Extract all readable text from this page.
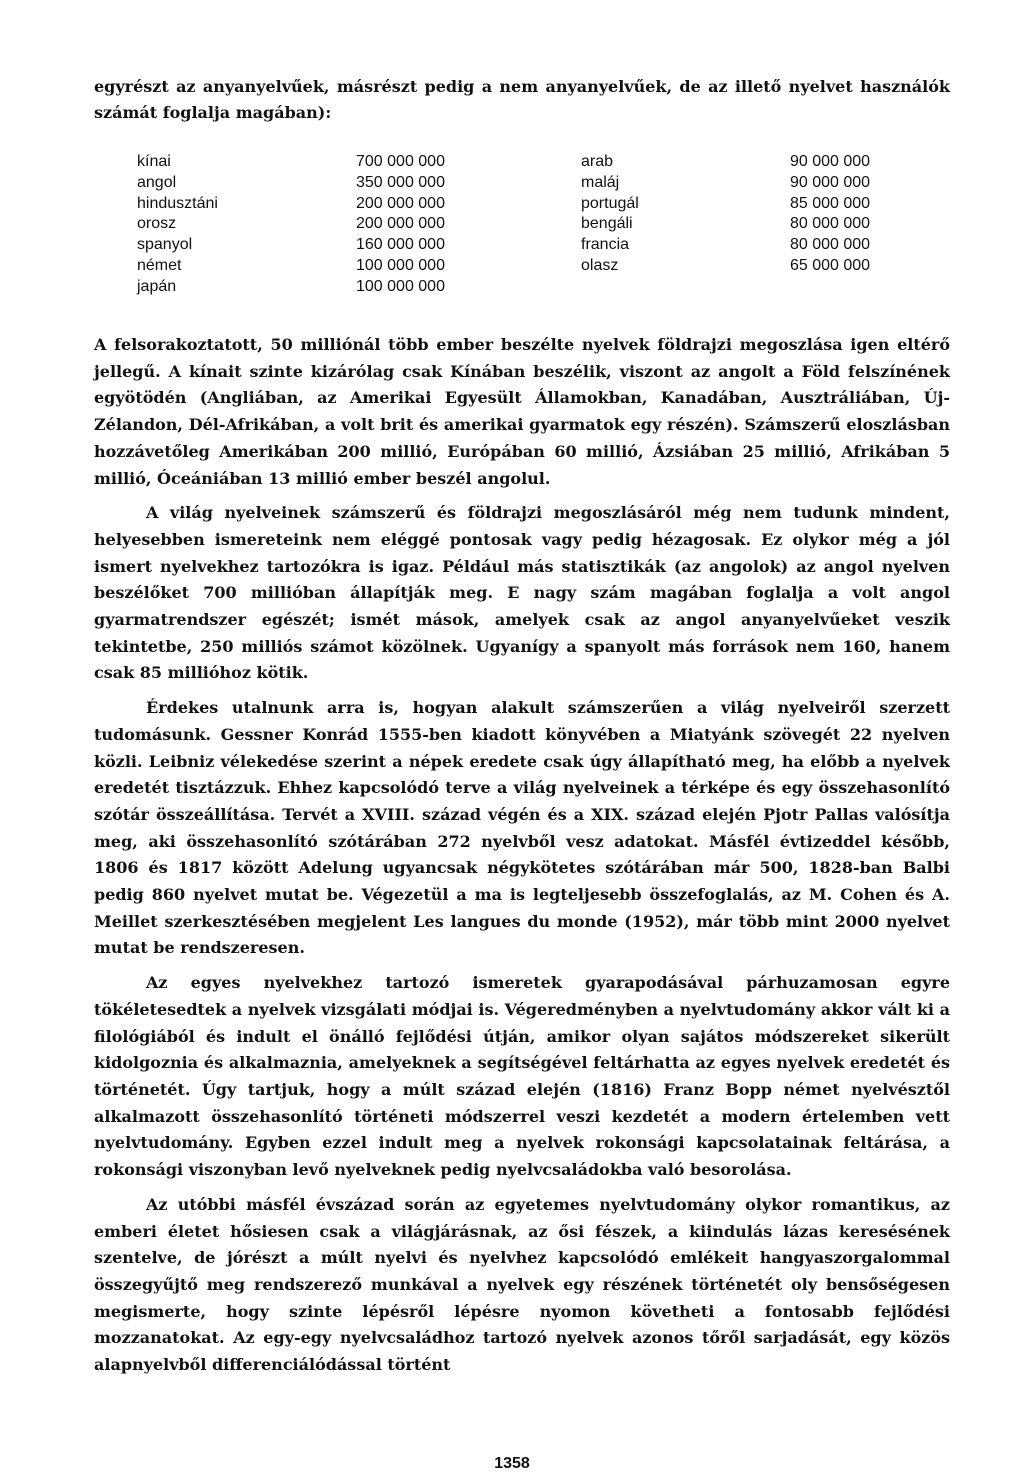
egyrészt az anyanyelvűek, másrészt pedig a nem anyanyelvűek, de az illető nyelvet használók számát foglalja magában):

kínai
angol
hindusztáni
orosz
spanyol
német
japán
700 000 000
350 000 000
200 000 000
200 000 000
160 000 000
100 000 000
100 000 000
arab
maláj
portugál
bengáli
francia
olasz
90 000 000
90 000 000
85 000 000
80 000 000
80 000 000
65 000 000

A felsorakoztatott, 50 milliónál több ember beszélte nyelvek földrajzi megoszlása igen eltérő jellegű. A kínait szinte kizárólag csak Kínában beszélik, viszont az angolt a Föld felszínének egyötödén (Angliában, az Amerikai Egyesült Államokban, Kanadában, Ausztráliában, Új-Zélandon, Dél-Afrikában, a volt brit és amerikai gyarmatok egy részén). Számszerű eloszlásban hozzávetőleg Amerikában 200 millió, Európában 60 millió, Ázsiában 25 millió, Afrikában 5 millió, Óceániában 13 millió ember beszél angolul.

A világ nyelveinek számszerű és földrajzi megoszlásáról még nem tudunk mindent, helyesebben ismereteink nem eléggé pontosak vagy pedig hézagosak. Ez olykor még a jól ismert nyelvekhez tartozókra is igaz. Például más statisztikák (az angolok) az angol nyelven beszélőket 700 millióban állapítják meg. E nagy szám magában foglalja a volt angol gyarmatrendszer egészét; ismét mások, amelyek csak az angol anyanyelvűeket veszik tekintetbe, 250 milliós számot közölnek. Ugyanígy a spanyolt más források nem 160, hanem csak 85 millióhoz kötik.

Érdekes utalnunk arra is, hogyan alakult számszerűen a világ nyelveiről szerzett tudomásunk. Gessner Konrád 1555-ben kiadott könyvében a Miatyánk szövegét 22 nyelven közli. Leibniz vélekedése szerint a népek eredete csak úgy állapítható meg, ha előbb a nyelvek eredetét tisztázzuk. Ehhez kapcsolódó terve a világ nyelveinek a térképe és egy összehasonlító szótár összeállítása. Tervét a XVIII. század végén és a XIX. század elején Pjotr Pallas valósítja meg, aki összehasonlító szótárában 272 nyelvből vesz adatokat. Másfél évtizeddel később, 1806 és 1817 között Adelung ugyancsak négykötetes szótárában már 500, 1828-ban Balbi pedig 860 nyelvet mutat be. Végezetül a ma is legteljesebb összefoglalás, az M. Cohen és A. Meillet szerkesztésében megjelent Les langues du monde (1952), már több mint 2000 nyelvet mutat be rendszeresen.

Az egyes nyelvekhez tartozó ismeretek gyarapodásával párhuzamosan egyre tökéletesedtek a nyelvek vizsgálati módjai is. Végeredményben a nyelvtudomány akkor vált ki a filológiából és indult el önálló fejlődési útján, amikor olyan sajátos módszereket sikerült kidolgoznia és alkalmaznia, amelyeknek a segítségével feltárhatta az egyes nyelvek eredetét és történetét. Úgy tartjuk, hogy a múlt század elején (1816) Franz Bopp német nyelvésztől alkalmazott összehasonlító történeti módszerrel veszi kezdetét a modern értelemben vett nyelvtudomány. Egyben ezzel indult meg a nyelvek rokonsági kapcsolatainak feltárása, a rokonsági viszonyban levő nyelveknek pedig nyelvcsaládokba való besorolása.

Az utóbbi másfél évszázad során az egyetemes nyelvtudomány olykor romantikus, az emberi életet hősiesen csak a világjárásnak, az ősi fészek, a kiindulás lázas keresésének szentelve, de jórészt a múlt nyelvi és nyelvhez kapcsolódó emlékeit hangyaszorgalommal összegyűjtő meg rendszerező munkával a nyelvek egy részének történetét oly bensőségesen megismerte, hogy szinte lépésről lépésre nyomon követheti a fontosabb fejlődési mozzanatokat. Az egy-egy nyelvcsaládhoz tartozó nyelvek azonos tőről sarjadását, egy közös alapnyelvből differenciálódással történt

1358
